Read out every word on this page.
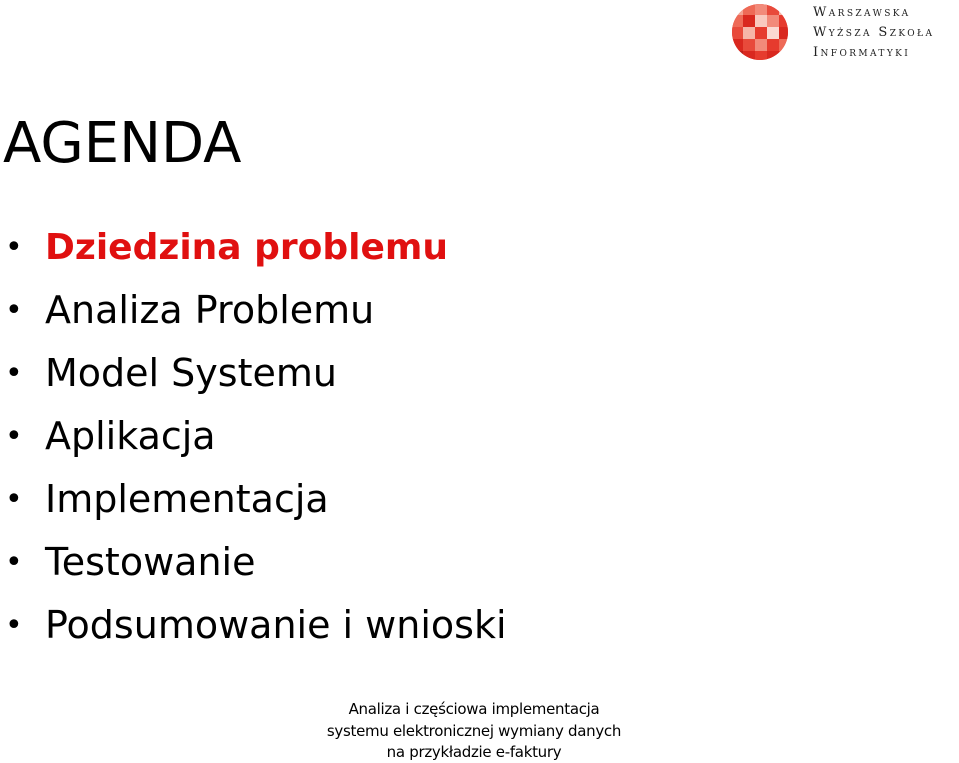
Warszawska
Wyższa Szkoła
Informatyki
AGENDA
• Dziedzina problemu
• Analiza Problemu
• Model Systemu
• Aplikacja
• Implementacja
• Testowanie
• Podsumowanie i wnioski
Analiza i częściowa implementacja
systemu elektronicznej wymiany danych
na przykładzie e-faktury
